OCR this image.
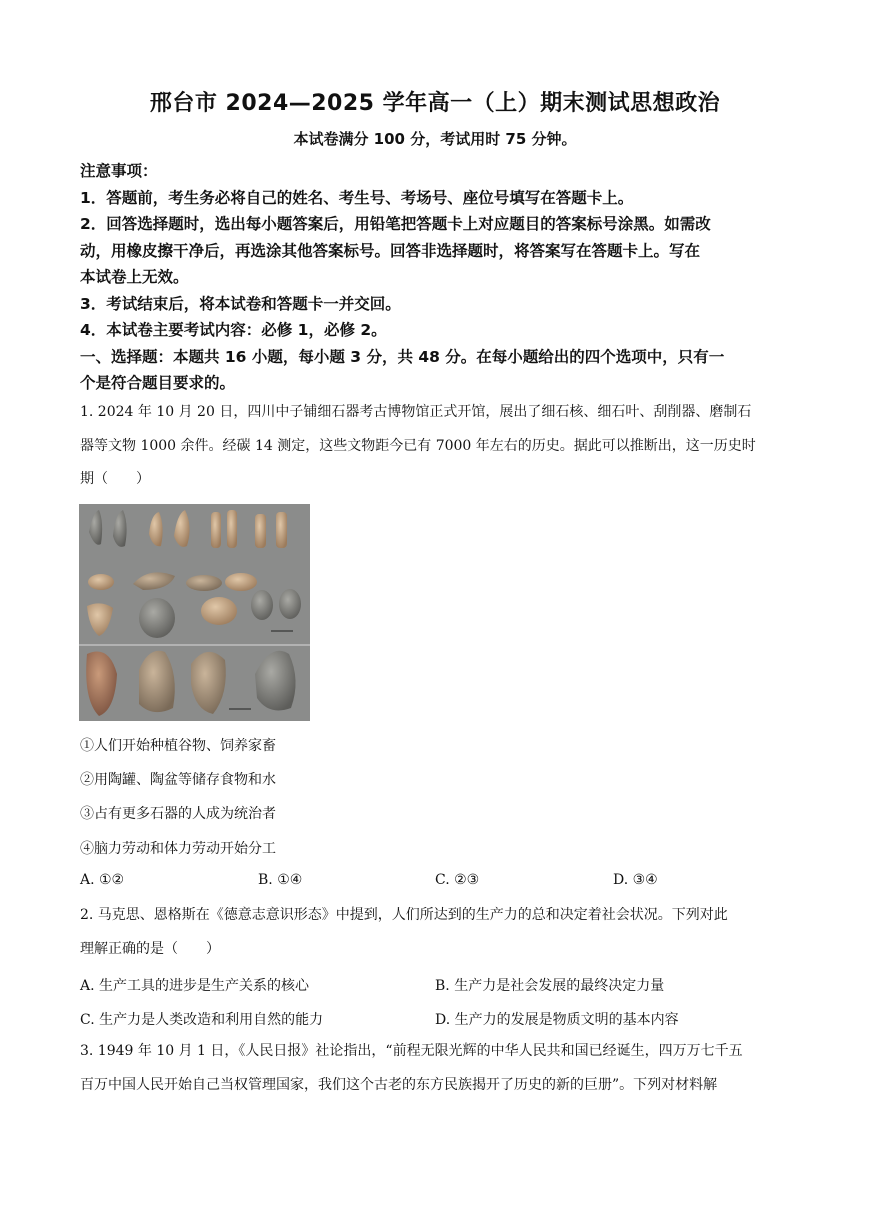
邢台市 2024—2025 学年高一（上）期末测试思想政治
本试卷满分 100 分，考试用时 75 分钟。
注意事项：
1．答题前，考生务必将自己的姓名、考生号、考场号、座位号填写在答题卡上。
2．回答选择题时，选出每小题答案后，用铅笔把答题卡上对应题目的答案标号涂黑。如需改
动，用橡皮擦干净后，再选涂其他答案标号。回答非选择题时，将答案写在答题卡上。写在
本试卷上无效。
3．考试结束后，将本试卷和答题卡一并交回。
4．本试卷主要考试内容：必修 1，必修 2。
一、选择题：本题共 16 小题，每小题 3 分，共 48 分。在每小题给出的四个选项中，只有一
个是符合题目要求的。
1. 2024 年 10 月 20 日，四川中子铺细石器考古博物馆正式开馆，展出了细石核、细石叶、刮削器、磨制石
器等文物 1000 余件。经碳 14 测定，这些文物距今已有 7000 年左右的历史。据此可以推断出，这一历史时
期（　　）
①人们开始种植谷物、饲养家畜
②用陶罐、陶盆等储存食物和水
③占有更多石器的人成为统治者
④脑力劳动和体力劳动开始分工
A. ①②	B. ①④	C. ②③	D. ③④
2. 马克思、恩格斯在《德意志意识形态》中提到，人们所达到的生产力的总和决定着社会状况。下列对此
理解正确的是（　　）
A. 生产工具的进步是生产关系的核心	B. 生产力是社会发展的最终决定力量
C. 生产力是人类改造和利用自然的能力	D. 生产力的发展是物质文明的基本内容
3. 1949 年 10 月 1 日，《人民日报》社论指出，“前程无限光辉的中华人民共和国已经诞生，四万万七千五
百万中国人民开始自己当权管理国家，我们这个古老的东方民族揭开了历史的新的巨册”。下列对材料解
